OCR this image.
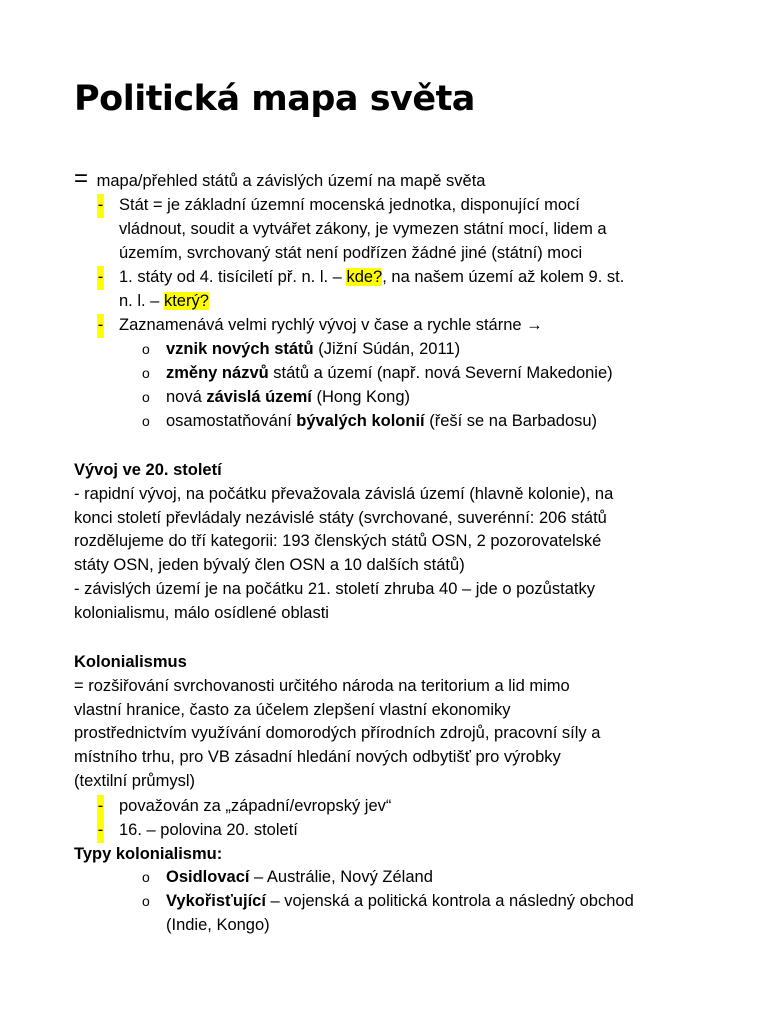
Politická mapa světa
= mapa/přehled států a závislých území na mapě světa
- Stát = je základní územní mocenská jednotka, disponující mocí
vládnout, soudit a vytvářet zákony, je vymezen státní mocí, lidem a
územím, svrchovaný stát není podřízen žádné jiné (státní) moci
- 1. státy od 4. tisíciletí př. n. l. – kde?, na našem území až kolem 9. st.
n. l. – který?
- Zaznamenává velmi rychlý vývoj v čase a rychle stárne →
o vznik nových států (Jižní Súdán, 2011)
o změny názvů států a území (např. nová Severní Makedonie)
o nová závislá území (Hong Kong)
o osamostatňování bývalých kolonií (řeší se na Barbadosu)
Vývoj ve 20. století
- rapidní vývoj, na počátku převažovala závislá území (hlavně kolonie), na
konci století převládaly nezávislé státy (svrchované, suverénní: 206 států
rozdělujeme do tří kategorii: 193 členských států OSN, 2 pozorovatelské
státy OSN, jeden bývalý člen OSN a 10 dalších států)
- závislých území je na počátku 21. století zhruba 40 – jde o pozůstatky
kolonialismu, málo osídlené oblasti
Kolonialismus
= rozšiřování svrchovanosti určitého národa na teritorium a lid mimo
vlastní hranice, často za účelem zlepšení vlastní ekonomiky
prostřednictvím využívání domorodých přírodních zdrojů, pracovní síly a
místního trhu, pro VB zásadní hledání nových odbytišť pro výrobky
(textilní průmysl)
- považován za „západní/evropský jev“
- 16. – polovina 20. století
Typy kolonialismu:
o Osidlovací – Austrálie, Nový Zéland
o Vykořisťující – vojenská a politická kontrola a následný obchod
(Indie, Kongo)
